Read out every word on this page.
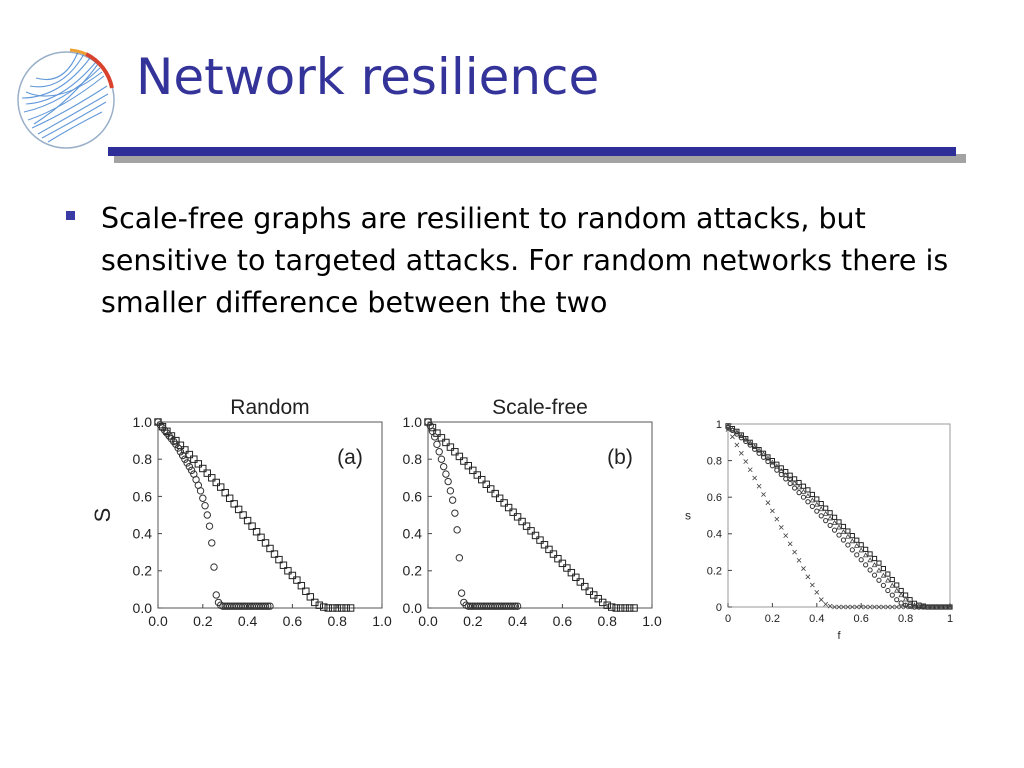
Network resilience
Scale-free graphs are resilient to random attacks, but sensitive to targeted attacks. For random networks there is smaller difference between the two
0.0 0.2 0.4 0.6 0.8 1.0
0.0
0.2
0.4
0.6
0.8
1.0
Random
(a)
S
0.0 0.2 0.4 0.6 0.8 1.0
0.0
0.2
0.4
0.6
0.8
1.0
Scale-free
(b)
0	0.2	0.4	0.6	0.8	1
0
0.2
0.4
0.6
0.8
1
s
f
